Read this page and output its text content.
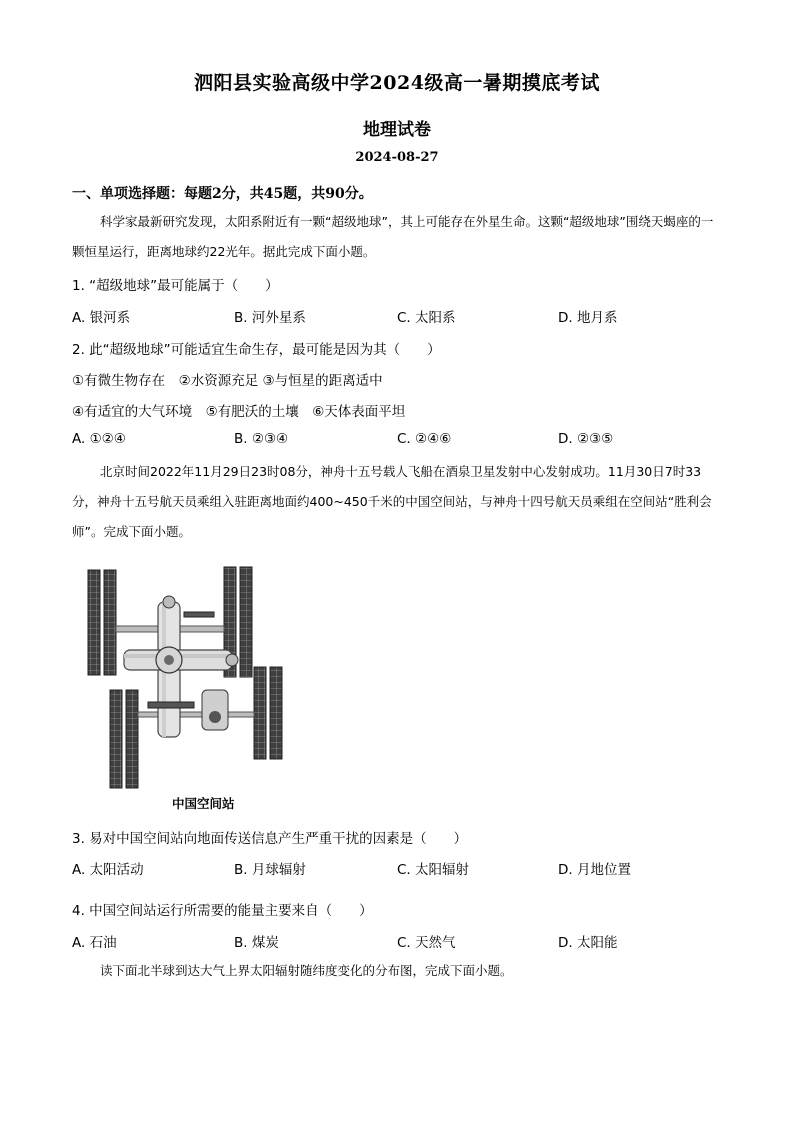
泗阳县实验高级中学2024级高一暑期摸底考试
地理试卷
2024-08-27
一、单项选择题：每题2分，共45题，共90分。
科学家最新研究发现，太阳系附近有一颗“超级地球”，其上可能存在外星生命。这颗“超级地球”围绕天蝎座的一颗恒星运行，距离地球约22光年。据此完成下面小题。
1. “超级地球”最可能属于（　　）
A. 银河系	B. 河外星系	C. 太阳系	D. 地月系
2. 此“超级地球”可能适宜生命生存，最可能是因为其（　　）
①有微生物存在　②水资源充足 ③与恒星的距离适中
④有适宜的大气环境　⑤有肥沃的土壤　⑥天体表面平坦
A. ①②④	B. ②③④	C. ②④⑥	D. ②③⑤
北京时间2022年11月29日23时08分，神舟十五号载人飞船在酒泉卫星发射中心发射成功。11月30日7时33分，神舟十五号航天员乘组入驻距离地面约400~450千米的中国空间站，与神舟十四号航天员乘组在空间站“胜利会师”。完成下面小题。
中国空间站
3. 易对中国空间站向地面传送信息产生严重干扰的因素是（　　）
A. 太阳活动	B. 月球辐射	C. 太阳辐射	D. 月地位置
4. 中国空间站运行所需要的能量主要来自（　　）
A. 石油	B. 煤炭	C. 天然气	D. 太阳能
读下面北半球到达大气上界太阳辐射随纬度变化的分布图，完成下面小题。
